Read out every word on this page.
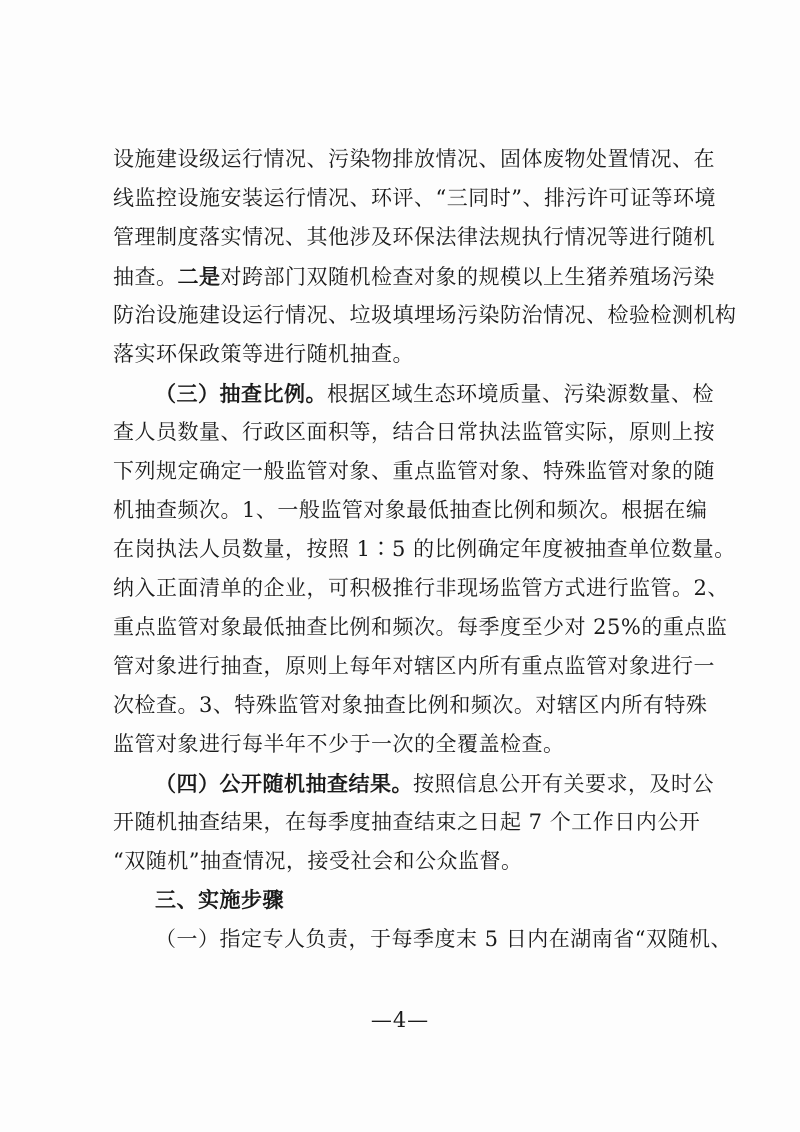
设施建设级运行情况、污染物排放情况、固体废物处置情况、在
线监控设施安装运行情况、环评、“三同时”、排污许可证等环境
管理制度落实情况、其他涉及环保法律法规执行情况等进行随机
抽查。二是对跨部门双随机检查对象的规模以上生猪养殖场污染
防治设施建设运行情况、垃圾填埋场污染防治情况、检验检测机构
落实环保政策等进行随机抽查。
（三）抽查比例。根据区域生态环境质量、污染源数量、检
查人员数量、行政区面积等，结合日常执法监管实际，原则上按
下列规定确定一般监管对象、重点监管对象、特殊监管对象的随
机抽查频次。1、一般监管对象最低抽查比例和频次。根据在编
在岗执法人员数量，按照 1∶5 的比例确定年度被抽查单位数量。
纳入正面清单的企业，可积极推行非现场监管方式进行监管。2、
重点监管对象最低抽查比例和频次。每季度至少对 25%的重点监
管对象进行抽查，原则上每年对辖区内所有重点监管对象进行一
次检查。3、特殊监管对象抽查比例和频次。对辖区内所有特殊
监管对象进行每半年不少于一次的全覆盖检查。
（四）公开随机抽查结果。按照信息公开有关要求，及时公
开随机抽查结果，在每季度抽查结束之日起 7 个工作日内公开
“双随机”抽查情况，接受社会和公众监督。
三、实施步骤
（一）指定专人负责，于每季度末 5 日内在湖南省“双随机、
—4—
